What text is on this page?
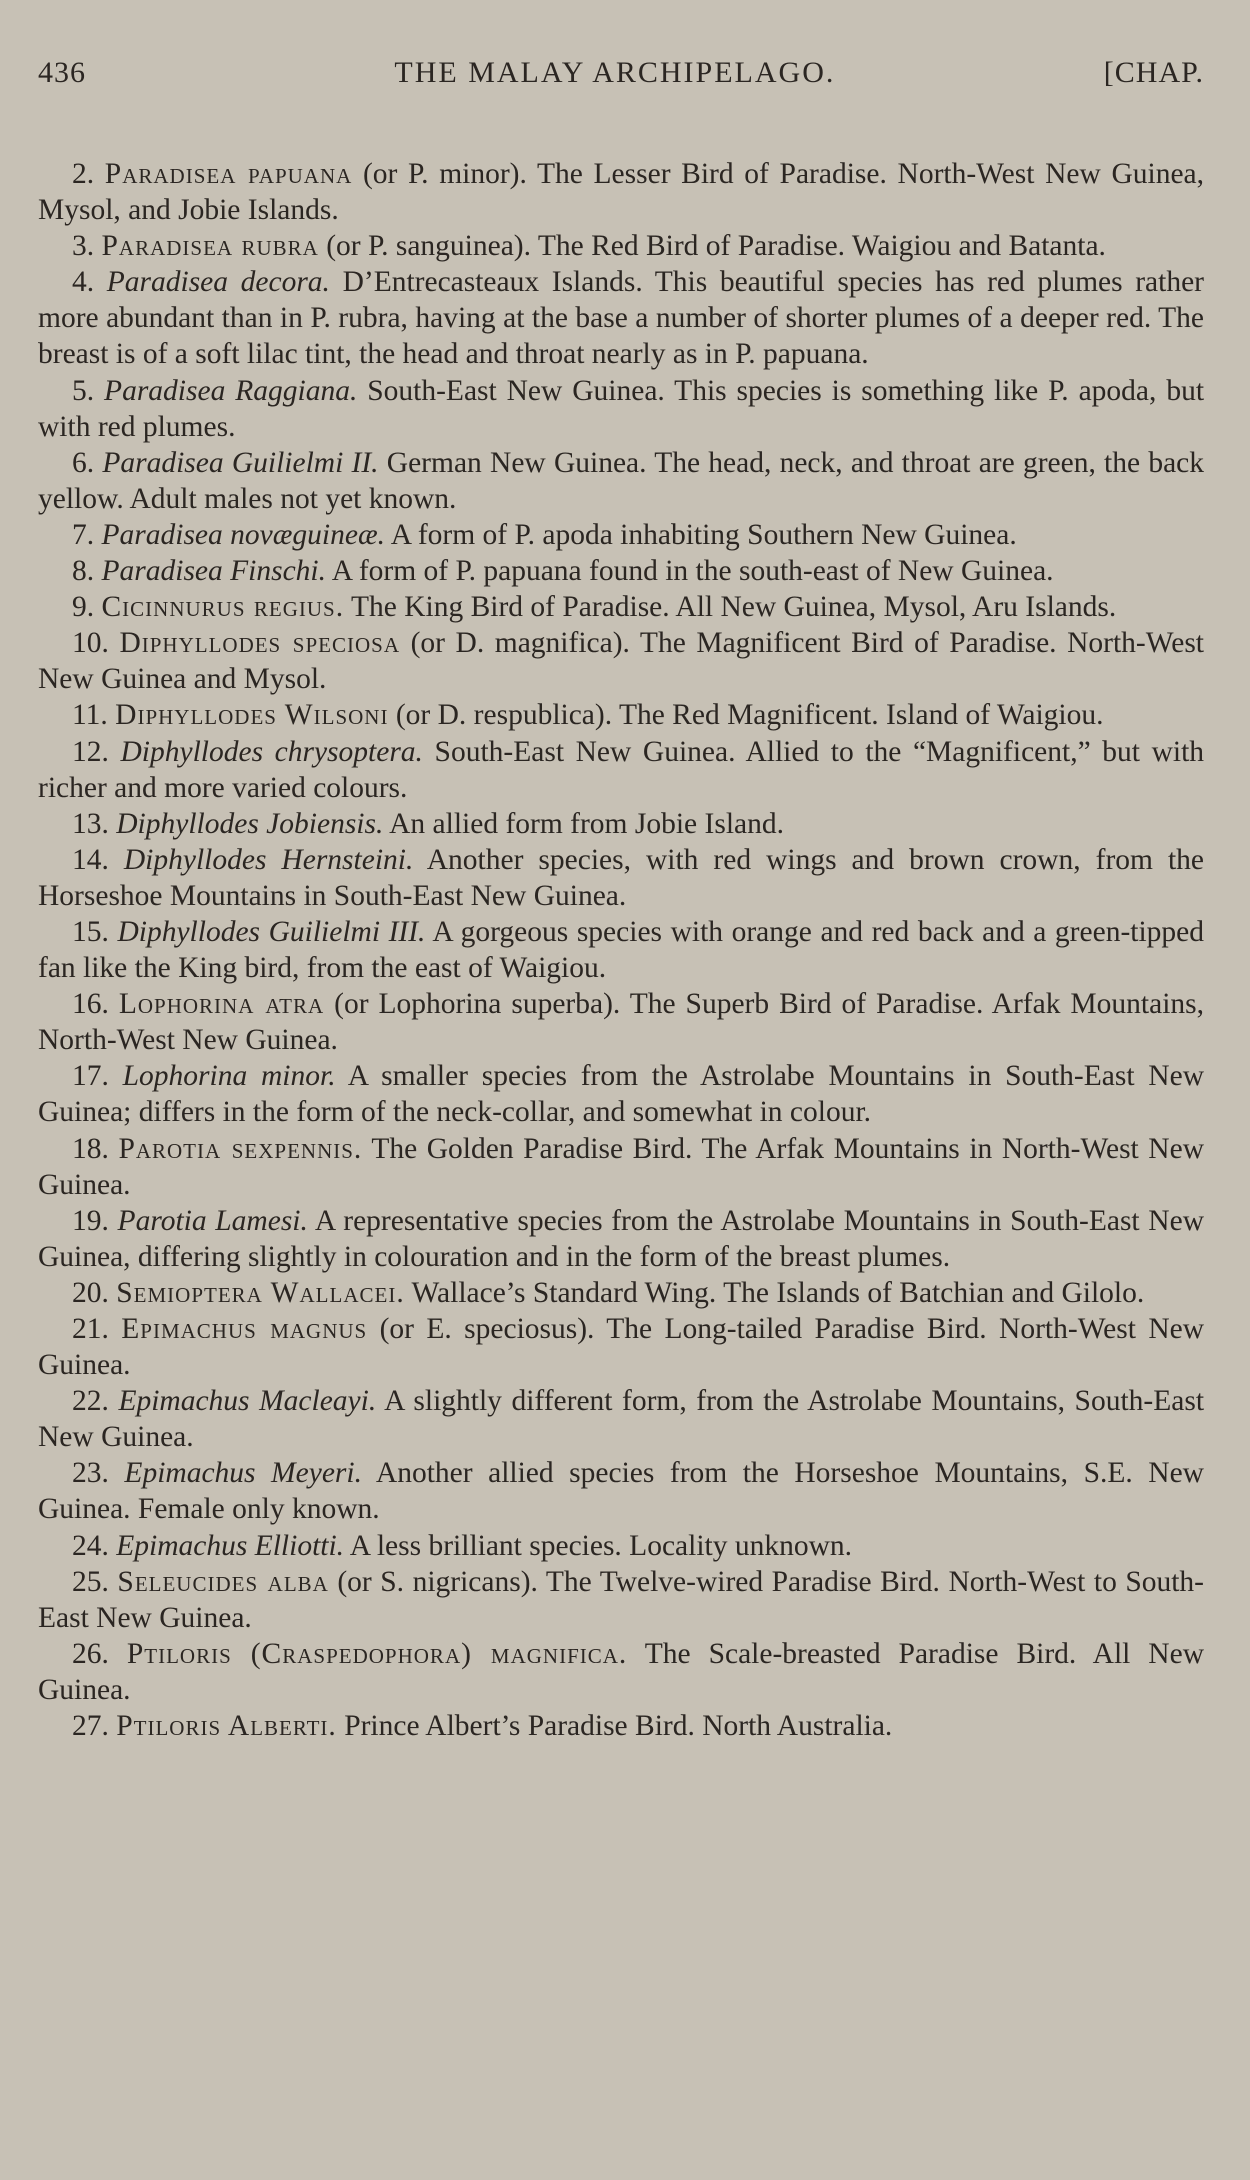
436	THE MALAY ARCHIPELAGO.	[CHAP.

2. Paradisea papuana (or P. minor). The Lesser Bird of Paradise. North-West New Guinea, Mysol, and Jobie Islands.

3. Paradisea rubra (or P. sanguinea). The Red Bird of Paradise. Waigiou and Batanta.

4. Paradisea decora. D’Entrecasteaux Islands. This beautiful species has red plumes rather more abundant than in P. rubra, having at the base a number of shorter plumes of a deeper red. The breast is of a soft lilac tint, the head and throat nearly as in P. papuana.

5. Paradisea Raggiana. South-East New Guinea. This species is something like P. apoda, but with red plumes.

6. Paradisea Guilielmi II. German New Guinea. The head, neck, and throat are green, the back yellow. Adult males not yet known.

7. Paradisea novæguineæ. A form of P. apoda inhabiting Southern New Guinea.

8. Paradisea Finschi. A form of P. papuana found in the south-east of New Guinea.

9. Cicinnurus regius. The King Bird of Paradise. All New Guinea, Mysol, Aru Islands.

10. Diphyllodes speciosa (or D. magnifica). The Magnificent Bird of Paradise. North-West New Guinea and Mysol.

11. Diphyllodes Wilsoni (or D. respublica). The Red Magnificent. Island of Waigiou.

12. Diphyllodes chrysoptera. South-East New Guinea. Allied to the “Magnificent,” but with richer and more varied colours.

13. Diphyllodes Jobiensis. An allied form from Jobie Island.

14. Diphyllodes Hernsteini. Another species, with red wings and brown crown, from the Horseshoe Mountains in South-East New Guinea.

15. Diphyllodes Guilielmi III. A gorgeous species with orange and red back and a green-tipped fan like the King bird, from the east of Waigiou.

16. Lophorina atra (or Lophorina superba). The Superb Bird of Paradise. Arfak Mountains, North-West New Guinea.

17. Lophorina minor. A smaller species from the Astrolabe Mountains in South-East New Guinea; differs in the form of the neck-collar, and somewhat in colour.

18. Parotia sexpennis. The Golden Paradise Bird. The Arfak Mountains in North-West New Guinea.

19. Parotia Lamesi. A representative species from the Astrolabe Mountains in South-East New Guinea, differing slightly in colouration and in the form of the breast plumes.

20. Semioptera Wallacei. Wallace’s Standard Wing. The Islands of Batchian and Gilolo.

21. Epimachus magnus (or E. speciosus). The Long-tailed Paradise Bird. North-West New Guinea.

22. Epimachus Macleayi. A slightly different form, from the Astrolabe Mountains, South-East New Guinea.

23. Epimachus Meyeri. Another allied species from the Horseshoe Mountains, S.E. New Guinea. Female only known.

24. Epimachus Elliotti. A less brilliant species. Locality unknown.

25. Seleucides alba (or S. nigricans). The Twelve-wired Paradise Bird. North-West to South-East New Guinea.

26. Ptiloris (Craspedophora) magnifica. The Scale-breasted Paradise Bird. All New Guinea.

27. Ptiloris Alberti. Prince Albert’s Paradise Bird. North Australia.
